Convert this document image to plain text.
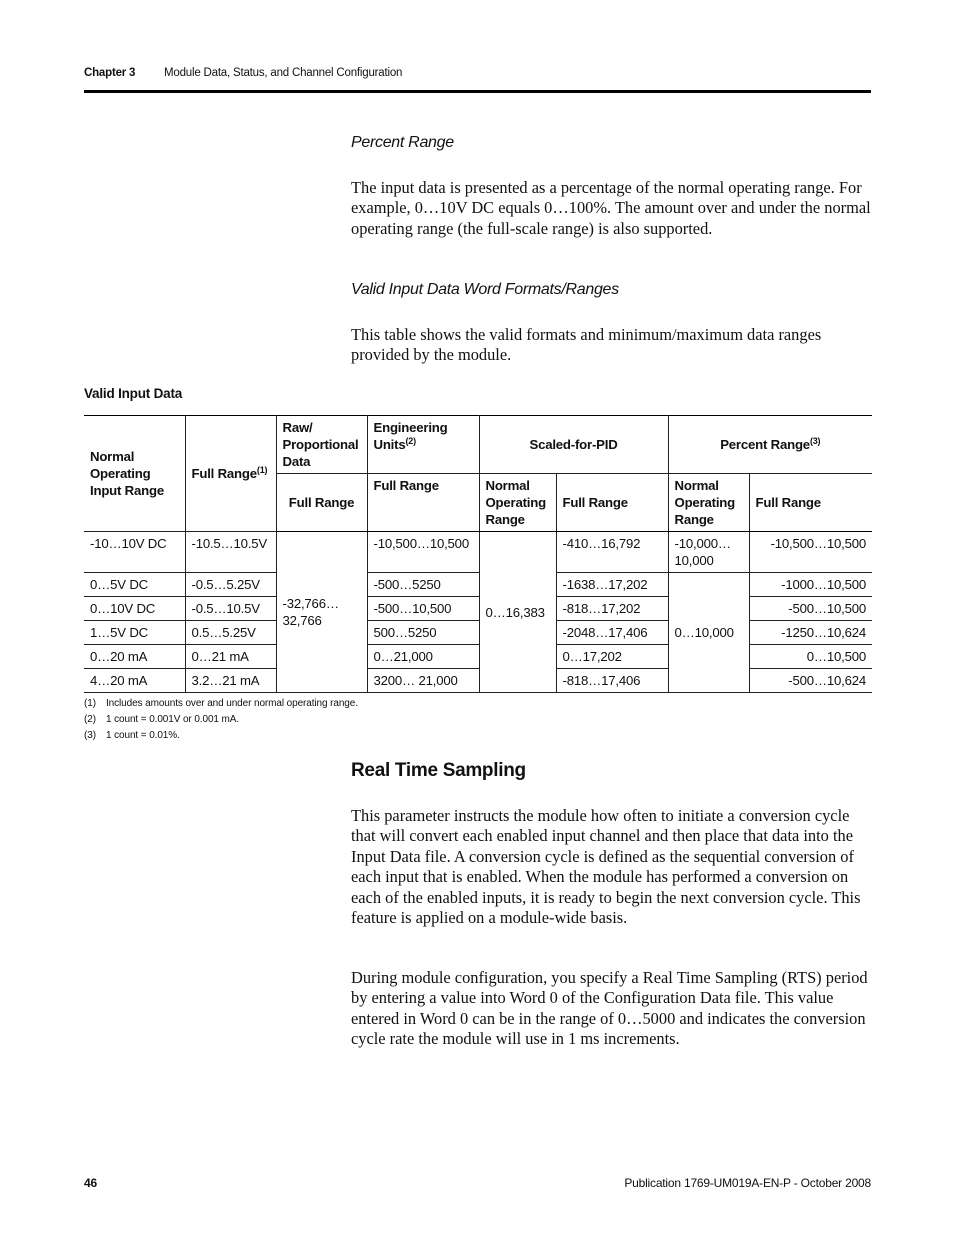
Chapter 3	Module Data, Status, and Channel Configuration
Percent Range

The input data is presented as a percentage of the normal operating range. For example, 0…10V DC equals 0…100%. The amount over and under the normal operating range (the full-scale range) is also supported.

Valid Input Data Word Formats/Ranges

This table shows the valid formats and minimum/maximum data ranges provided by the module.

Valid Input Data
Normal Operating Input Range	Full Range$^{(1)}$	Raw/ Proportional Data	Engineering Units$^{(2)}$	Scaled-for-PID		Percent Range$^{(3)}$
		Full Range	Full Range	Normal Operating Range	Full Range	Normal Operating Range	Full Range
-10…10V DC	-10.5…10.5V	-32,766… 32,766	-10,500…10,500	0…16,383	-410…16,792	-10,000… 10,000	-10,500…10,500
0…5V DC	-0.5…5.25V		-500…5250		-1638…17,202	0…10,000	-1000…10,500
0…10V DC	-0.5…10.5V		-500…10,500		-818…17,202		-500…10,500
1…5V DC	0.5…5.25V		500…5250		-2048…17,406		-1250…10,624
0…20 mA	0…21 mA		0…21,000		0…17,202		0…10,500
4…20 mA	3.2…21 mA		3200… 21,000		-818…17,406		-500…10,624
(1)	Includes amounts over and under normal operating range.
(2)	1 count = 0.001V or 0.001 mA.
(3)	1 count = 0.01%.
Real Time Sampling

This parameter instructs the module how often to initiate a conversion cycle that will convert each enabled input channel and then place that data into the Input Data file. A conversion cycle is defined as the sequential conversion of each input that is enabled. When the module has performed a conversion on each of the enabled inputs, it is ready to begin the next conversion cycle. This feature is applied on a module-wide basis.

During module configuration, you specify a Real Time Sampling (RTS) period by entering a value into Word 0 of the Configuration Data file. This value entered in Word 0 can be in the range of 0…5000 and indicates the conversion cycle rate the module will use in 1 ms increments.

46	Publication 1769-UM019A-EN-P - October 2008
